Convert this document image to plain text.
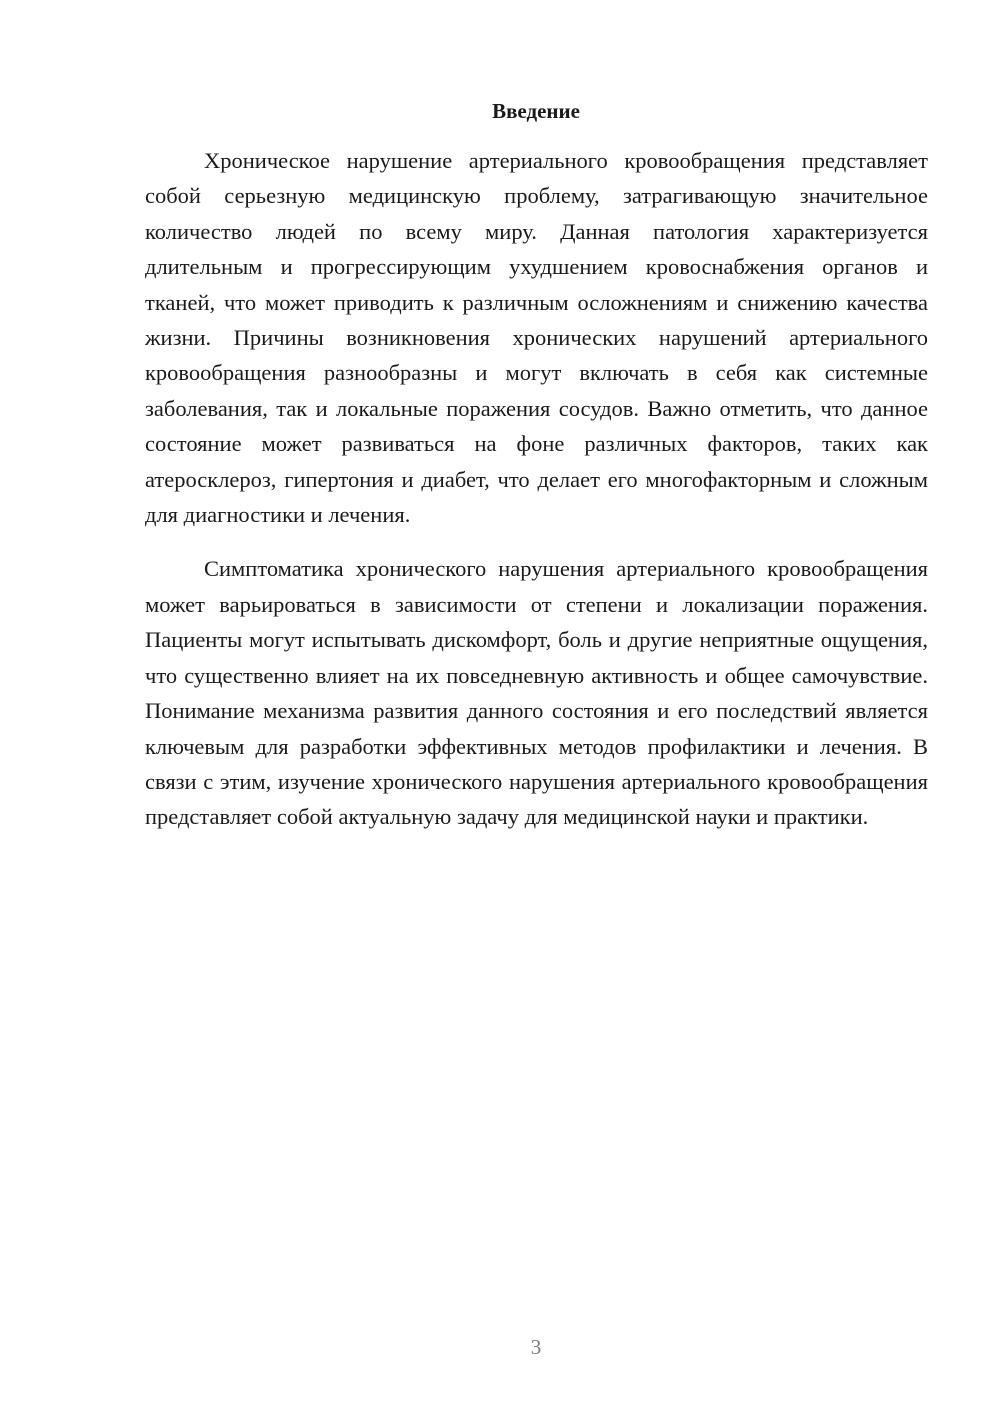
Введение

Хроническое нарушение артериального кровообращения представляет собой серьезную медицинскую проблему, затрагивающую значительное количество людей по всему миру. Данная патология характеризуется длительным и прогрессирующим ухудшением кровоснабжения органов и тканей, что может приводить к различным осложнениям и снижению качества жизни. Причины возникновения хронических нарушений артериального кровообращения разнообразны и могут включать в себя как системные заболевания, так и локальные поражения сосудов. Важно отметить, что данное состояние может развиваться на фоне различных факторов, таких как атеросклероз, гипертония и диабет, что делает его многофакторным и сложным для диагностики и лечения.

Симптоматика хронического нарушения артериального кровообращения может варьироваться в зависимости от степени и локализации поражения. Пациенты могут испытывать дискомфорт, боль и другие неприятные ощущения, что существенно влияет на их повседневную активность и общее самочувствие. Понимание механизма развития данного состояния и его последствий является ключевым для разработки эффективных методов профилактики и лечения. В связи с этим, изучение хронического нарушения артериального кровообращения представляет собой актуальную задачу для медицинской науки и практики.

3
